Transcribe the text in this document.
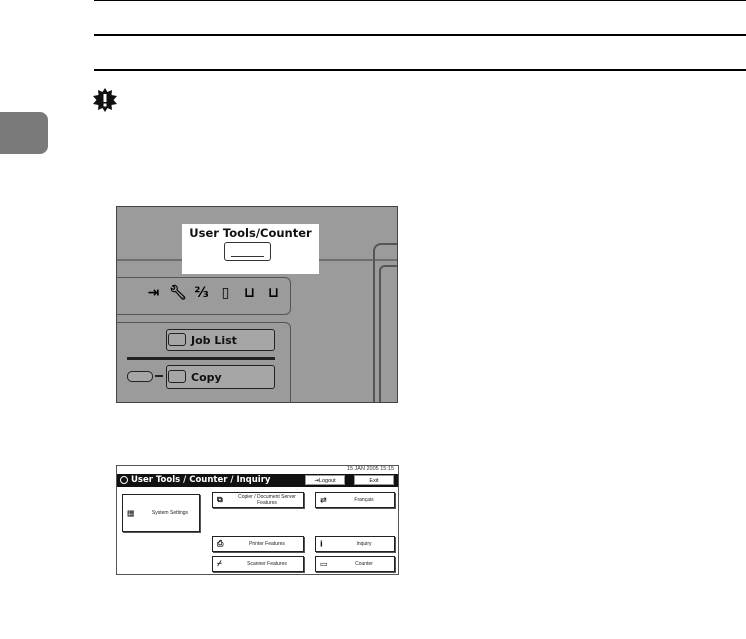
User Tools/Counter
⇥ 🔧︎ ⅔ ▯	⊔ ⊔
Job List
Copy
15 JAN 2005 15:15
User Tools / Counter / Inquiry	⇥Logout	Exit
▦	System Settings
⧉	Copier / Document Server Features	⇄	Français
⎙	Printer Features	i	Inquiry
⌿	Scanner Features	▭	Counter
